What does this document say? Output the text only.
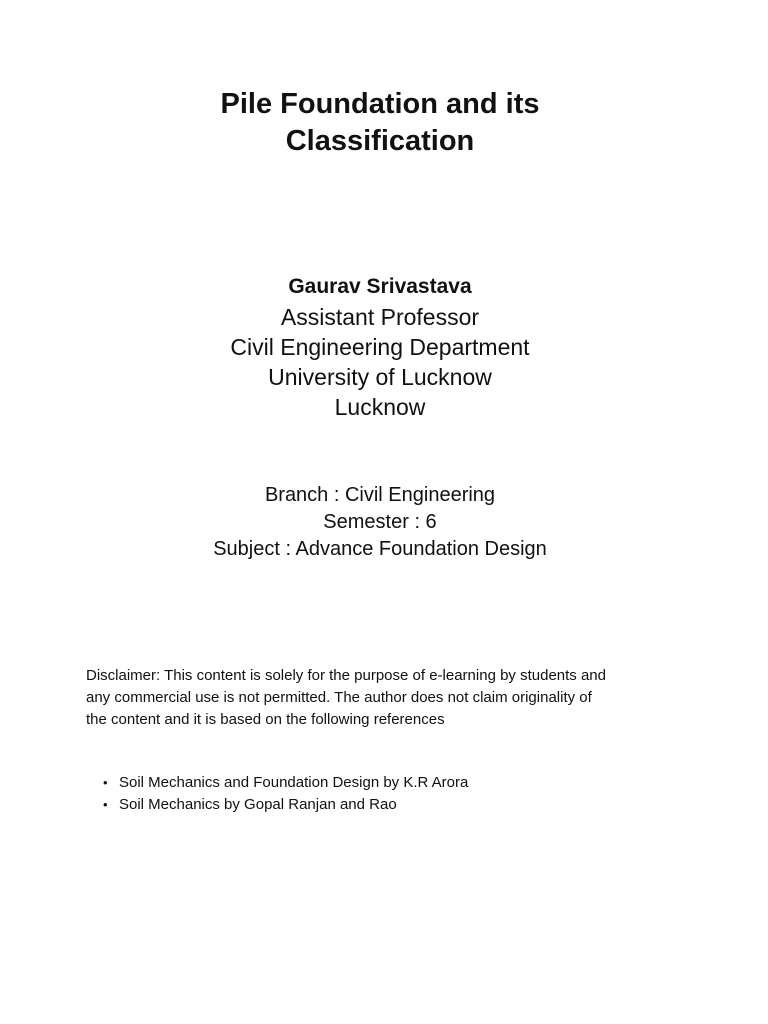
Pile Foundation and its
Classification
Gaurav Srivastava
Assistant Professor
Civil Engineering Department
University of Lucknow
Lucknow
Branch : Civil Engineering
Semester : 6
Subject : Advance Foundation Design
Disclaimer: This content is solely for the purpose of e-learning by students and
any commercial use is not permitted. The author does not claim originality of
the content and it is based on the following references
• Soil Mechanics and Foundation Design by K.R Arora
• Soil Mechanics by Gopal Ranjan and Rao
